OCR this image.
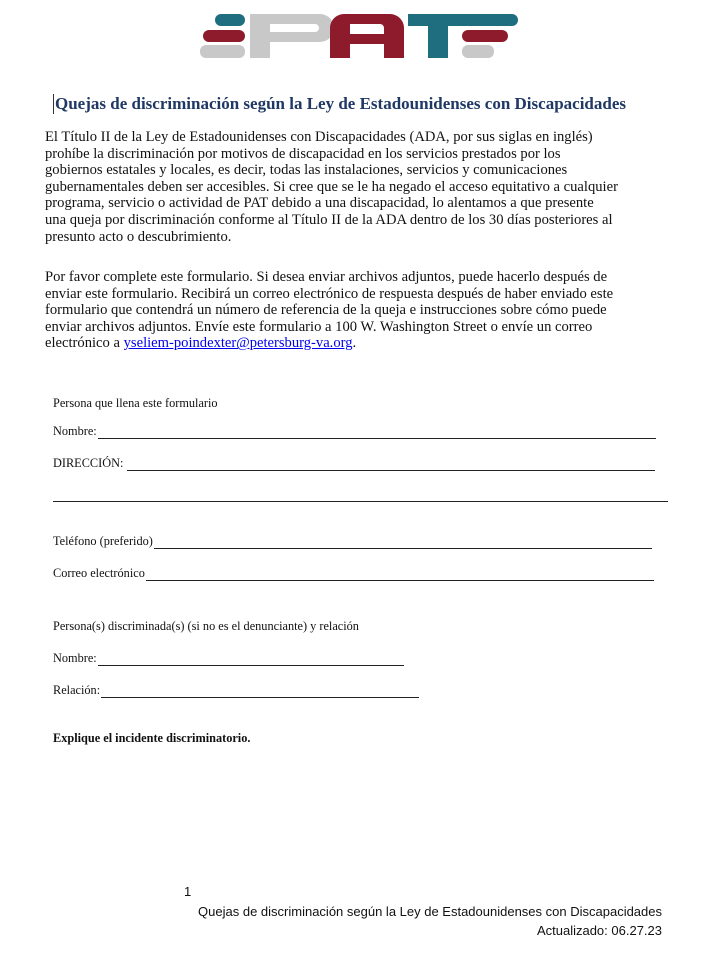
Quejas de discriminación según la Ley de Estadounidenses con Discapacidades
El Título II de la Ley de Estadounidenses con Discapacidades (ADA, por sus siglas en inglés)
prohíbe la discriminación por motivos de discapacidad en los servicios prestados por los
gobiernos estatales y locales, es decir, todas las instalaciones, servicios y comunicaciones
gubernamentales deben ser accesibles. Si cree que se le ha negado el acceso equitativo a cualquier
programa, servicio o actividad de PAT debido a una discapacidad, lo alentamos a que presente
una queja por discriminación conforme al Título II de la ADA dentro de los 30 días posteriores al
presunto acto o descubrimiento.
Por favor complete este formulario. Si desea enviar archivos adjuntos, puede hacerlo después de
enviar este formulario. Recibirá un correo electrónico de respuesta después de haber enviado este
formulario que contendrá un número de referencia de la queja e instrucciones sobre cómo puede
enviar archivos adjuntos. Envíe este formulario a 100 W. Washington Street o envíe un correo
electrónico a yseliem-poindexter@petersburg-va.org.
Persona que llena este formulario
Nombre:
DIRECCIÓN:
Teléfono (preferido)
Correo electrónico
Persona(s) discriminada(s) (si no es el denunciante) y relación
Nombre:
Relación:
Explique el incidente discriminatorio.
1
Quejas de discriminación según la Ley de Estadounidenses con Discapacidades
Actualizado: 06.27.23
